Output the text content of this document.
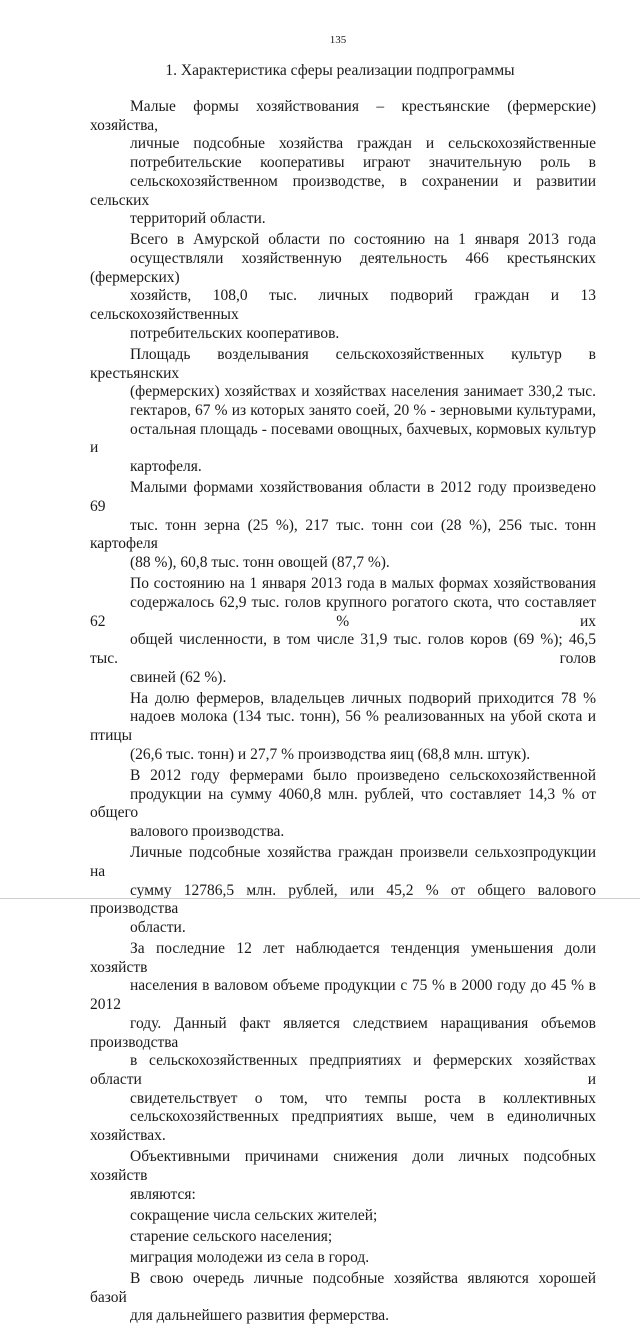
135
1. Характеристика сферы реализации подпрограммы
Малые формы хозяйствования – крестьянские (фермерские) хозяйства,
личные подсобные хозяйства граждан и сельскохозяйственные
потребительские кооперативы играют значительную роль в
сельскохозяйственном производстве, в сохранении и развитии сельских
территорий области.
Всего в Амурской области по состоянию на 1 января 2013 года
осуществляли хозяйственную деятельность 466 крестьянских (фермерских)
хозяйств, 108,0 тыс. личных подворий граждан и 13 сельскохозяйственных
потребительских кооперативов.
Площадь возделывания сельскохозяйственных культур в крестьянских
(фермерских) хозяйствах и хозяйствах населения занимает 330,2 тыс.
гектаров, 67 % из которых занято соей, 20 % - зерновыми культурами,
остальная площадь - посевами овощных, бахчевых, кормовых культур и
картофеля.
Малыми формами хозяйствования области в 2012 году произведено 69
тыс. тонн зерна (25 %), 217 тыс. тонн сои (28 %), 256 тыс. тонн картофеля
(88 %), 60,8 тыс. тонн овощей (87,7 %).
По состоянию на 1 января 2013 года в малых формах хозяйствования
содержалось 62,9 тыс. голов крупного рогатого скота, что составляет 62 % их
общей численности, в том числе 31,9 тыс. голов коров (69 %); 46,5 тыс. голов
свиней (62 %).
На долю фермеров, владельцев личных подворий приходится 78 %
надоев молока (134 тыс. тонн), 56 % реализованных на убой скота и птицы
(26,6 тыс. тонн) и 27,7 % производства яиц (68,8 млн. штук).
В 2012 году фермерами было произведено сельскохозяйственной
продукции на сумму 4060,8 млн. рублей, что составляет 14,3 % от общего
валового производства.
Личные подсобные хозяйства граждан произвели сельхозпродукции на
сумму 12786,5 млн. рублей, или 45,2 % от общего валового производства
области.
За последние 12 лет наблюдается тенденция уменьшения доли хозяйств
населения в валовом объеме продукции с 75 % в 2000 году до 45 % в 2012
году. Данный факт является следствием наращивания объемов производства
в сельскохозяйственных предприятиях и фермерских хозяйствах области и
свидетельствует о том, что темпы роста в коллективных
сельскохозяйственных предприятиях выше, чем в единоличных хозяйствах.
Объективными причинами снижения доли личных подсобных хозяйств
являются:
сокращение числа сельских жителей;
старение сельского населения;
миграция молодежи из села в город.
В свою очередь личные подсобные хозяйства являются хорошей базой
для дальнейшего развития фермерства.
